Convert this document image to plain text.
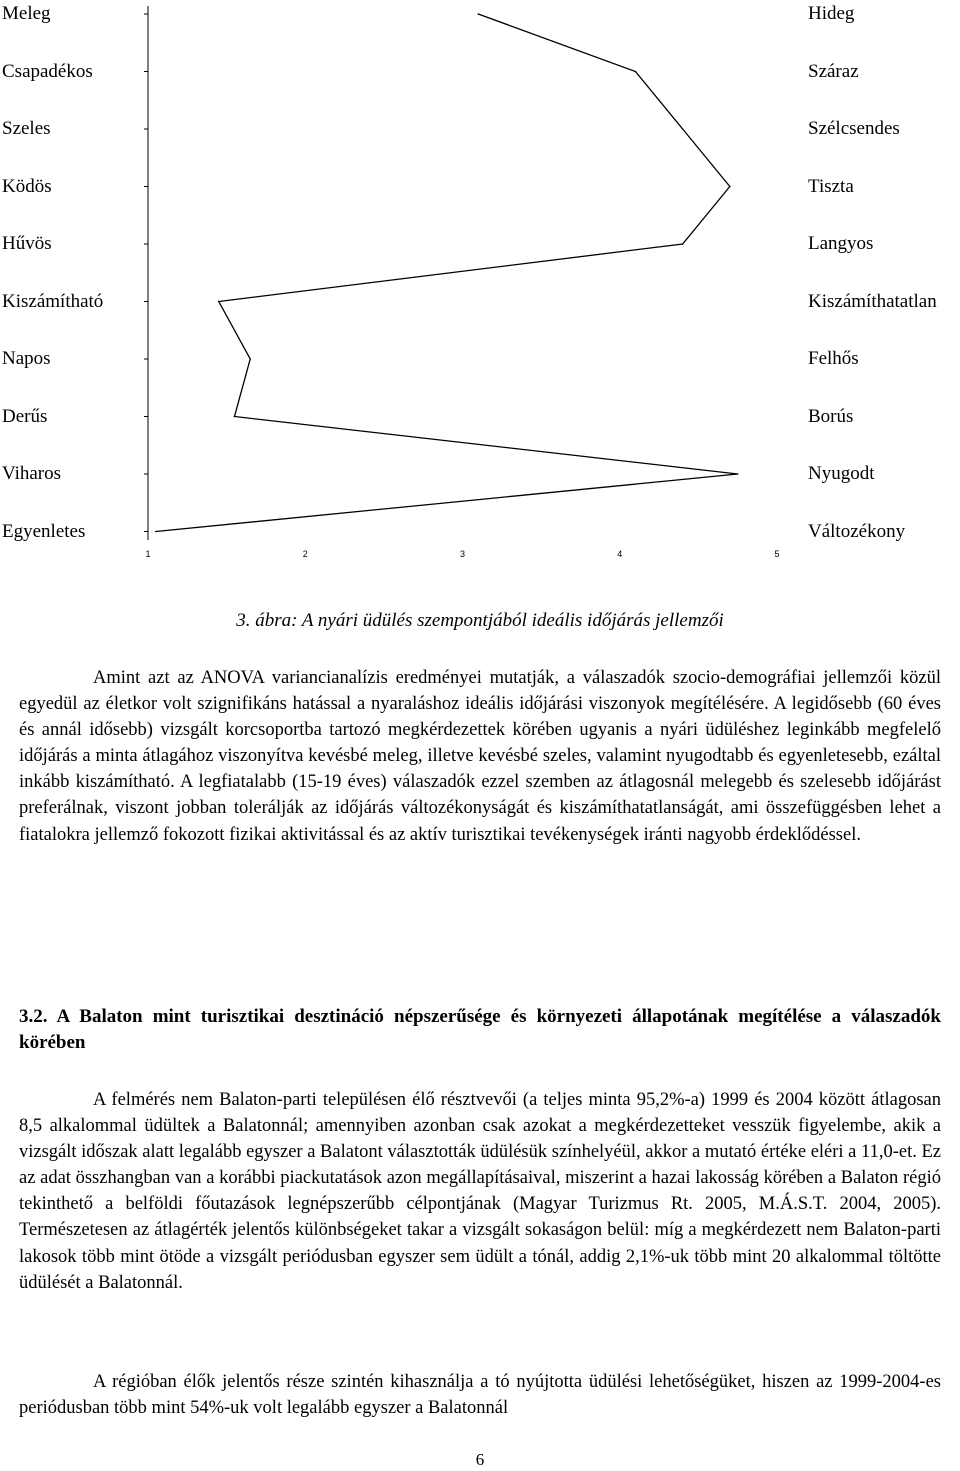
Meleg
Csapadékos
Szeles
Ködös
Hűvös
Kiszámítható
Napos
Derűs
Viharos
Egyenletes
Hideg
Száraz
Szélcsendes
Tiszta
Langyos
Kiszámíthatatlan
Felhős
Borús
Nyugodt
Változékony
1	2	3	4	5
3. ábra: A nyári üdülés szempontjából ideális időjárás jellemzői

Amint azt az ANOVA variancianalízis eredményei mutatják, a válaszadók szocio-demográfiai jellemzői közül egyedül az életkor volt szignifikáns hatással a nyaraláshoz ideális időjárási viszonyok megítélésére. A legidősebb (60 éves és annál idősebb) vizsgált korcsoportba tartozó megkérdezettek körében ugyanis a nyári üdüléshez leginkább megfelelő időjárás a minta átlagához viszonyítva kevésbé meleg, illetve kevésbé szeles, valamint nyugodtabb és egyenletesebb, ezáltal inkább kiszámítható. A legfiatalabb (15-19 éves) válaszadók ezzel szemben az átlagosnál melegebb és szelesebb időjárást preferálnak, viszont jobban tolerálják az időjárás változékonyságát és kiszámíthatatlanságát, ami összefüggésben lehet a fiatalokra jellemző fokozott fizikai aktivitással és az aktív turisztikai tevékenységek iránti nagyobb érdeklődéssel.

3.2. A Balaton mint turisztikai desztináció népszerűsége és környezeti állapotának megítélése a válaszadók körében

A felmérés nem Balaton-parti településen élő résztvevői (a teljes minta 95,2%-a) 1999 és 2004 között átlagosan 8,5 alkalommal üdültek a Balatonnál; amennyiben azonban csak azokat a megkérdezetteket vesszük figyelembe, akik a vizsgált időszak alatt legalább egyszer a Balatont választották üdülésük színhelyéül, akkor a mutató értéke eléri a 11,0-et. Ez az adat összhangban van a korábbi piackutatások azon megállapításaival, miszerint a hazai lakosság körében a Balaton régió tekinthető a belföldi főutazások legnépszerűbb célpontjának (Magyar Turizmus Rt. 2005, M.Á.S.T. 2004, 2005). Természetesen az átlagérték jelentős különbségeket takar a vizsgált sokaságon belül: míg a megkérdezett nem Balaton-parti lakosok több mint ötöde a vizsgált periódusban egyszer sem üdült a tónál, addig 2,1%-uk több mint 20 alkalommal töltötte üdülését a Balatonnál.

A régióban élők jelentős része szintén kihasználja a tó nyújtotta üdülési lehetőségüket, hiszen az 1999-2004-es periódusban több mint 54%-uk volt legalább egyszer a Balatonnál

6
